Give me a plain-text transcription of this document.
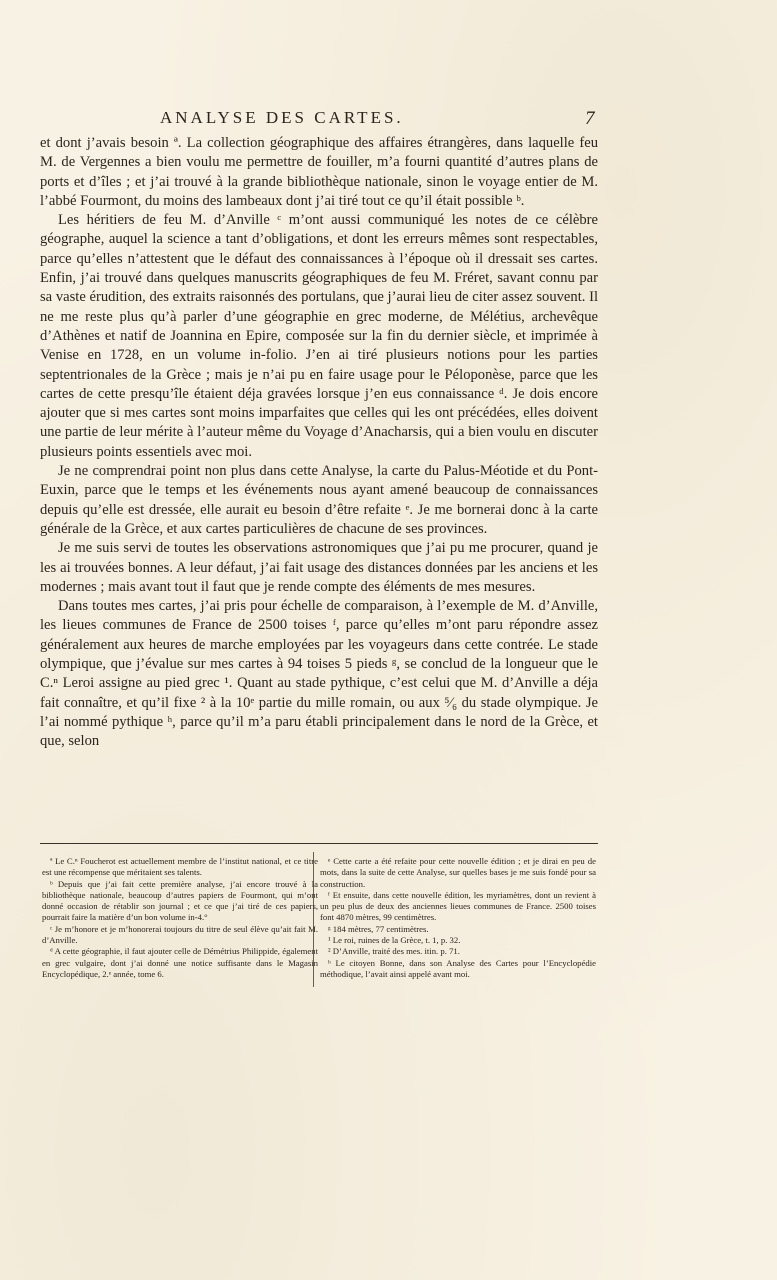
ANALYSE DES CARTES.	7

et dont j’avais besoin ª. La collection géographique des affaires étrangères, dans laquelle feu M. de Vergennes a bien voulu me permettre de fouiller, m’a fourni quantité d’autres plans de ports et d’îles ; et j’ai trouvé à la grande bibliothèque nationale, sinon le voyage entier de M. l’abbé Fourmont, du moins des lambeaux dont j’ai tiré tout ce qu’il était possible ᵇ.

Les héritiers de feu M. d’Anville ᶜ m’ont aussi communiqué les notes de ce célèbre géographe, auquel la science a tant d’obligations, et dont les erreurs mêmes sont respectables, parce qu’elles n’attestent que le défaut des connaissances à l’époque où il dressait ses cartes. Enfin, j’ai trouvé dans quelques manuscrits géographiques de feu M. Fréret, savant connu par sa vaste érudition, des extraits raisonnés des portulans, que j’aurai lieu de citer assez souvent. Il ne me reste plus qu’à parler d’une géographie en grec moderne, de Mélétius, archevêque d’Athènes et natif de Joannina en Epire, composée sur la fin du dernier siècle, et imprimée à Venise en 1728, en un volume in-folio. J’en ai tiré plusieurs notions pour les parties septentrionales de la Grèce ; mais je n’ai pu en faire usage pour le Péloponèse, parce que les cartes de cette presqu’île étaient déja gravées lorsque j’en eus connaissance ᵈ. Je dois encore ajouter que si mes cartes sont moins imparfaites que celles qui les ont précédées, elles doivent une partie de leur mérite à l’auteur même du Voyage d’Anacharsis, qui a bien voulu en discuter plusieurs points essentiels avec moi.

Je ne comprendrai point non plus dans cette Analyse, la carte du Palus-Méotide et du Pont-Euxin, parce que le temps et les événements nous ayant amené beaucoup de connaissances depuis qu’elle est dressée, elle aurait eu besoin d’être refaite ᵉ. Je me bornerai donc à la carte générale de la Grèce, et aux cartes particulières de chacune de ses provinces.

Je me suis servi de toutes les observations astronomiques que j’ai pu me procurer, quand je les ai trouvées bonnes. A leur défaut, j’ai fait usage des distances données par les anciens et les modernes ; mais avant tout il faut que je rende compte des éléments de mes mesures.

Dans toutes mes cartes, j’ai pris pour échelle de comparaison, à l’exemple de M. d’Anville, les lieues communes de France de 2500 toises ᶠ, parce qu’elles m’ont paru répondre assez généralement aux heures de marche employées par les voyageurs dans cette contrée. Le stade olympique, que j’évalue sur mes cartes à 94 toises 5 pieds ᵍ, se conclud de la longueur que le C.ⁿ Leroi assigne au pied grec ¹. Quant au stade pythique, c’est celui que M. d’Anville a déja fait connaître, et qu’il fixe ² à la 10ᵉ partie du mille romain, ou aux ⁵⁄₆ du stade olympique. Je l’ai nommé pythique ʰ, parce qu’il m’a paru établi principalement dans le nord de la Grèce, et que, selon

ª Le C.ⁿ Foucherot est actuellement membre de l’institut national, et ce titre est une récompense que méritaient ses talents.

ᵇ Depuis que j’ai fait cette première analyse, j’ai encore trouvé à la bibliothèque nationale, beaucoup d’autres papiers de Fourmont, qui m’ont donné occasion de rétablir son journal ; et ce que j’ai tiré de ces papiers, pourrait faire la matière d’un bon volume in-4.°

ᶜ Je m’honore et je m’honorerai toujours du titre de seul élève qu’ait fait M. d’Anville.

ᵈ A cette géographie, il faut ajouter celle de Démétrius Philippide, également en grec vulgaire, dont j’ai donné une notice suffisante dans le Magasin Encyclopédique, 2.ᵉ année, tome 6.

ᵉ Cette carte a été refaite pour cette nouvelle édition ; et je dirai en peu de mots, dans la suite de cette Analyse, sur quelles bases je me suis fondé pour sa construction.

ᶠ Et ensuite, dans cette nouvelle édition, les myriamètres, dont un revient à un peu plus de deux des anciennes lieues communes de France. 2500 toises font 4870 mètres, 99 centimètres.

ᵍ 184 mètres, 77 centimètres.

¹ Le roi, ruines de la Grèce, t. 1, p. 32.

² D’Anville, traité des mes. itin. p. 71.

ʰ Le citoyen Bonne, dans son Analyse des Cartes pour l’Encyclopédie méthodique, l’avait ainsi appelé avant moi.
